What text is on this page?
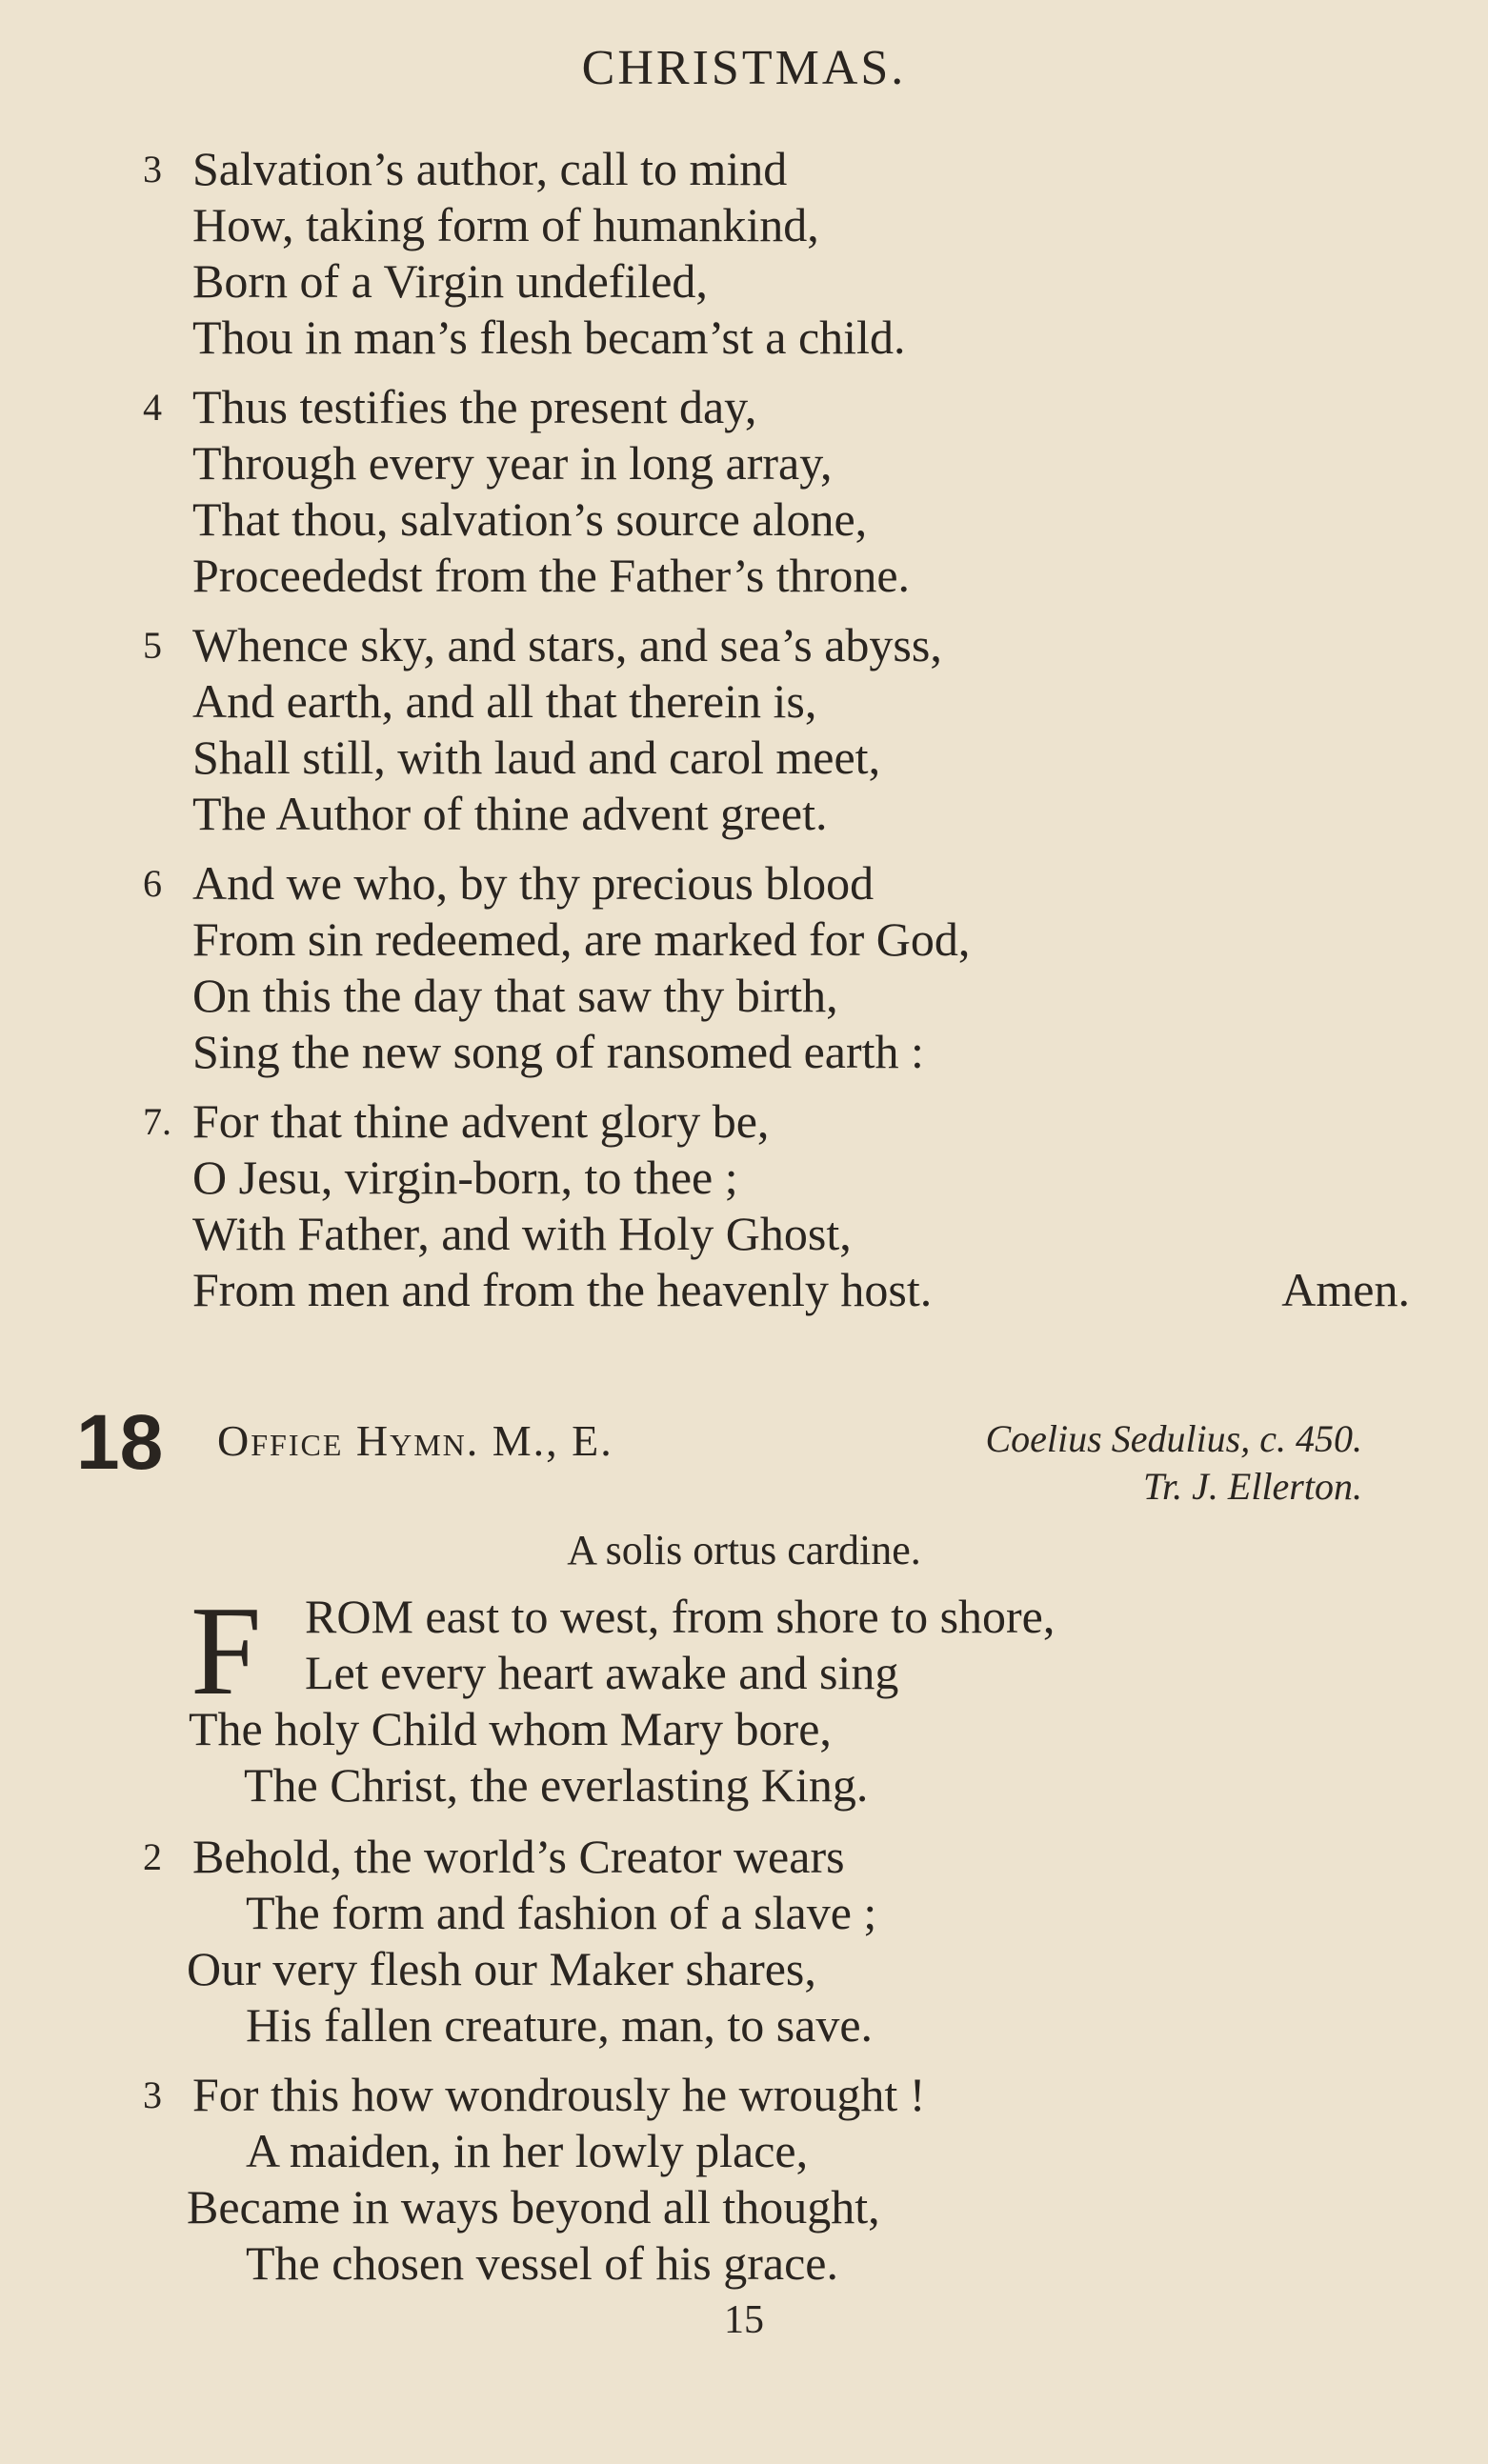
CHRISTMAS.
3 Salvation’s author, call to mind
How, taking form of humankind,
Born of a Virgin undefiled,
Thou in man’s flesh becam’st a child.
4 Thus testifies the present day,
Through every year in long array,
That thou, salvation’s source alone,
Proceededst from the Father’s throne.
5 Whence sky, and stars, and sea’s abyss,
And earth, and all that therein is,
Shall still, with laud and carol meet,
The Author of thine advent greet.
6 And we who, by thy precious blood
From sin redeemed, are marked for God,
On this the day that saw thy birth,
Sing the new song of ransomed earth :
7. For that thine advent glory be,
O Jesu, virgin-born, to thee ;
With Father, and with Holy Ghost,
From men and from the heavenly host.	Amen.
18 Office Hymn. M., E.	Coelius Sedulius, c. 450.
Tr. J. Ellerton.
A solis ortus cardine.
F ROM east to west, from shore to shore,
Let every heart awake and sing
The holy Child whom Mary bore,
The Christ, the everlasting King.
2 Behold, the world’s Creator wears
The form and fashion of a slave ;
Our very flesh our Maker shares,
His fallen creature, man, to save.
3 For this how wondrously he wrought !
A maiden, in her lowly place,
Became in ways beyond all thought,
The chosen vessel of his grace.
15
